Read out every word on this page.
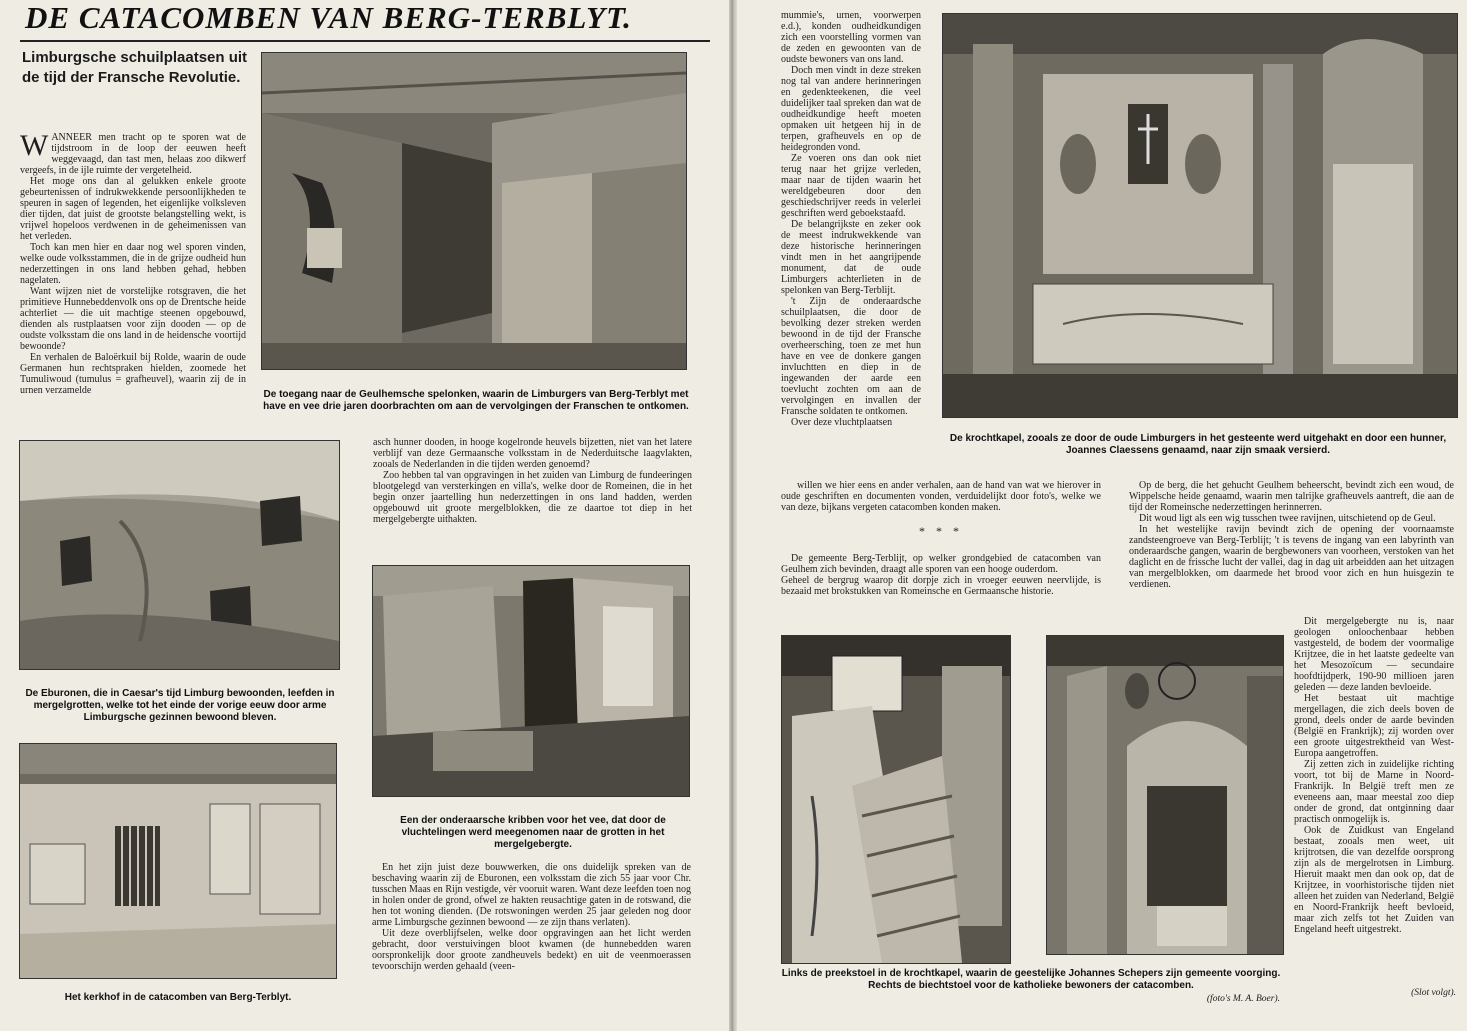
DE CATACOMBEN VAN BERG-TERBLYT.
Limburgsche schuilplaatsen uit de tijd der Fransche Revolutie.

WANNEER men tracht op te sporen wat de tijdstroom in de loop der eeuwen heeft weggevaagd, dan tast men, helaas zoo dikwerf vergeefs, in de ijle ruimte der vergetelheid.

Het moge ons dan al gelukken enkele groote gebeurtenissen of indrukwekkende persoonlijkheden te speuren in sagen of legenden, het eigenlijke volksleven dier tijden, dat juist de grootste belangstelling wekt, is vrijwel hopeloos verdwenen in de geheimenissen van het verleden.

Toch kan men hier en daar nog wel sporen vinden, welke oude volksstammen, die in de grijze oudheid hun nederzettingen in ons land hebben gehad, hebben nagelaten.

Want wijzen niet de vorstelijke rotsgraven, die het primitieve Hunnebeddenvolk ons op de Drentsche heide achterliet — die uit machtige steenen opgebouwd, dienden als rustplaatsen voor zijn dooden — op de oudste volksstam die ons land in de heidensche voortijd bewoonde?

En verhalen de Baloërkuil bij Rolde, waarin de oude Germanen hun rechtspraken hielden, zoomede het Tumuliwoud (tumulus = grafheuvel), waarin zij de in urnen verzamelde	De toegang naar de Geulhemsche spelonken, waarin de Limburgers van Berg-Terblyt met have en vee drie jaren doorbrachten om aan de vervolgingen der Franschen te ontkomen.
De Eburonen, die in Caesar's tijd Limburg bewoonden, leefden in mergelgrotten, welke tot het einde der vorige eeuw door arme Limburgsche gezinnen bewoond bleven.
Het kerkhof in de catacomben van Berg-Terblyt.

asch hunner dooden, in hooge kogelronde heuvels bijzetten, niet van het latere verblijf van deze Germaansche volksstam in de Nederduitsche laagvlakten, zooals de Nederlanden in die tijden werden genoemd?

Zoo hebben tal van opgravingen in het zuiden van Limburg de fundeeringen blootgelegd van versterkingen en villa's, welke door de Romeinen, die in het begin onzer jaartelling hun nederzettingen in ons land hadden, werden opgebouwd uit groote mergelblokken, die ze daartoe tot diep in het mergelgebergte uithakten.

Een der onderaarsche kribben voor het vee, dat door de vluchtelingen werd meegenomen naar de grotten in het mergelgebergte.

En het zijn juist deze bouwwerken, die ons duidelijk spreken van de beschaving waarin zij de Eburonen, een volksstam die zich 55 jaar voor Chr. tusschen Maas en Rijn vestigde, vèr vooruit waren. Want deze leefden toen nog in holen onder de grond, ofwel ze hakten reusachtige gaten in de rotswand, die hen tot woning dienden. (De rotswoningen werden 25 jaar geleden nog door arme Limburgsche gezinnen bewoond — ze zijn thans verlaten).

Uit deze overblijfselen, welke door opgravingen aan het licht werden gebracht, door verstuivingen bloot kwamen (de hunnebedden waren oorspronkelijk door groote zandheuvels bedekt) en uit de veenmoerassen tevoorschijn werden gehaald (veen-

mummie's, urnen, voorwerpen e.d.), konden oudheidkundigen zich een voorstelling vormen van de zeden en gewoonten van de oudste bewoners van ons land.

Doch men vindt in deze streken nog tal van andere herinneringen en gedenkteekenen, die veel duidelijker taal spreken dan wat de oudheidkundige heeft moeten opmaken uit hetgeen hij in de terpen, grafheuvels en op de heidegronden vond.

Ze voeren ons dan ook niet terug naar het grijze verleden, maar naar de tijden waarin het wereldgebeuren door den geschiedschrijver reeds in velerlei geschriften werd geboekstaafd.

De belangrijkste en zeker ook de meest indrukwekkende van deze historische herinneringen vindt men in het aangrijpende monument, dat de oude Limburgers achterlieten in de spelonken van Berg-Terblijt.

't Zijn de onderaardsche schuilplaatsen, die door de bevolking dezer streken werden bewoond in de tijd der Fransche overheersching, toen ze met hun have en vee de donkere gangen invluchtten en diep in de ingewanden der aarde een toevlucht zochten om aan de vervolgingen en invallen der Fransche soldaten te ontkomen.

Over deze vluchtplaatsen

De krochtkapel, zooals ze door de oude Limburgers in het gesteente werd uitgehakt en door een hunner, Joannes Claessens genaamd, naar zijn smaak versierd.

willen we hier eens en ander verhalen, aan de hand van wat we hierover in oude geschriften en documenten vonden, verduidelijkt door foto's, welke we van deze, bijkans vergeten catacomben konden maken.

* * *

De gemeente Berg-Terblijt, op welker grondgebied de catacomben van Geulhem zich bevinden, draagt alle sporen van een hooge ouderdom.

Geheel de bergrug waarop dit dorpje zich in vroeger eeuwen neervlijde, is bezaaid met brokstukken van Romeinsche en Germaansche historie.

Op de berg, die het gehucht Geulhem beheerscht, bevindt zich een woud, de Wippelsche heide genaamd, waarin men talrijke grafheuvels aantreft, die aan de tijd der Romeinsche nederzettingen herinnerren.

Dit woud ligt als een wig tusschen twee ravijnen, uitschietend op de Geul.

In het westelijke ravijn bevindt zich de opening der voornaamste zandsteengroeve van Berg-Terblijt; 't is tevens de ingang van een labyrinth van onderaardsche gangen, waarin de bergbewoners van voorheen, verstoken van het daglicht en de frissche lucht der vallei, dag in dag uit arbeidden aan het uitzagen van mergelblokken, om daarmede het brood voor zich en hun huisgezin te verdienen.

Dit mergelgebergte nu is, naar geologen onloochenbaar hebben vastgesteld, de bodem der voormalige Krijtzee, die in het laatste gedeelte van het Mesozoïcum — secundaire hoofdtijdperk, 190-90 millioen jaren geleden — deze landen bevloeide.

Het bestaat uit machtige mergellagen, die zich deels boven de grond, deels onder de aarde bevinden (België en Frankrijk); zij worden over een groote uitgestrektheid van West-Europa aangetroffen.

Zij zetten zich in zuidelijke richting voort, tot bij de Marne in Noord-Frankrijk. In België treft men ze eveneens aan, maar meestal zoo diep onder de grond, dat ontginning daar practisch onmogelijk is.

Ook de Zuidkust van Engeland bestaat, zooals men weet, uit krijtrotsen, die van dezelfde oorsprong zijn als de mergelrotsen in Limburg. Hieruit maakt men dan ook op, dat de Krijtzee, in voorhistorische tijden niet alleen het zuiden van Nederland, België en Noord-Frankrijk heeft bevloeid, maar zich zelfs tot het Zuiden van Engeland heeft uitgestrekt.

(Slot volgt).
Links de preekstoel in de krochtkapel, waarin de geestelijke Johannes Schepers zijn gemeente voorging. Rechts de biechtstoel voor de katholieke bewoners der catacomben.
(foto's M. A. Boer).
